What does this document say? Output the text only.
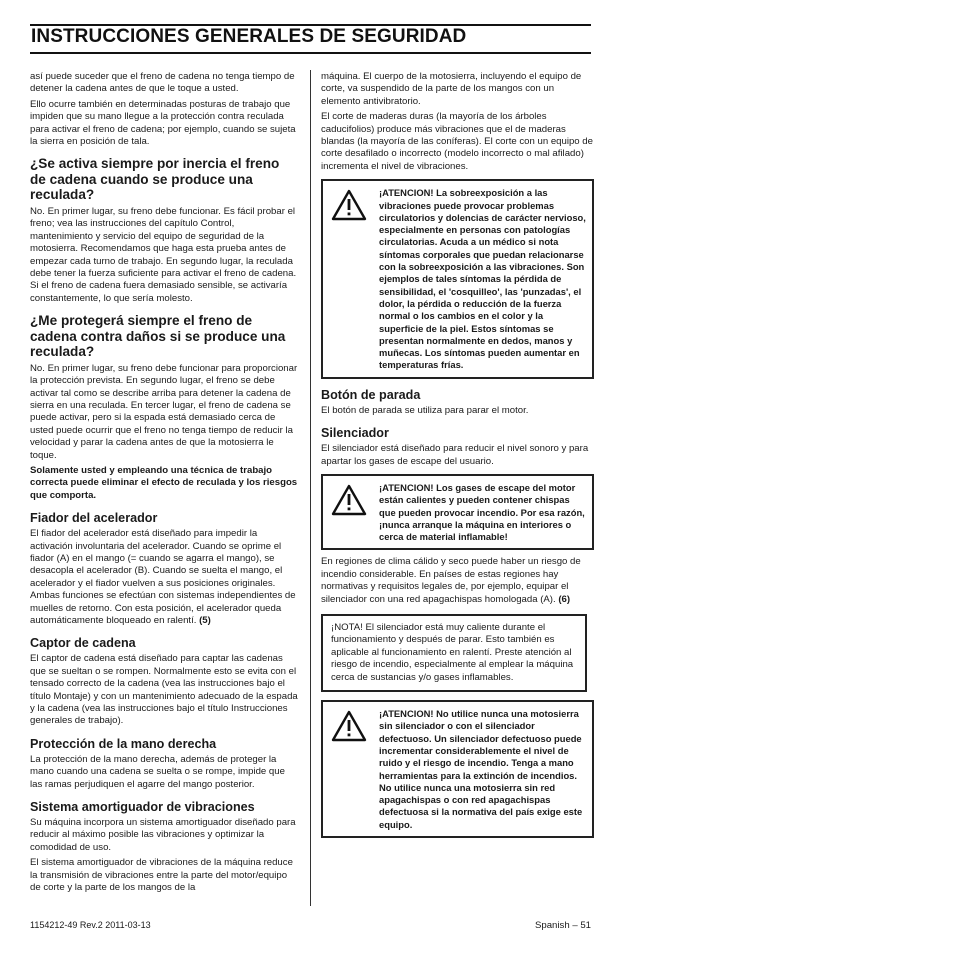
INSTRUCCIONES GENERALES DE SEGURIDAD

así puede suceder que el freno de cadena no tenga tiempo de detener la cadena antes de que le toque a usted.

Ello ocurre también en determinadas posturas de trabajo que impiden que su mano llegue a la protección contra reculada para activar el freno de cadena; por ejemplo, cuando se sujeta la sierra en posición de tala.

¿Se activa siempre por inercia el freno de cadena cuando se produce una reculada?

No. En primer lugar, su freno debe funcionar. Es fácil probar el freno; vea las instrucciones del capítulo Control, mantenimiento y servicio del equipo de seguridad de la motosierra. Recomendamos que haga esta prueba antes de empezar cada turno de trabajo. En segundo lugar, la reculada debe tener la fuerza suficiente para activar el freno de cadena. Si el freno de cadena fuera demasiado sensible, se activaría constantemente, lo que sería molesto.

¿Me protegerá siempre el freno de cadena contra daños si se produce una reculada?

No. En primer lugar, su freno debe funcionar para proporcionar la protección prevista. En segundo lugar, el freno se debe activar tal como se describe arriba para detener la cadena de sierra en una reculada. En tercer lugar, el freno de cadena se puede activar, pero si la espada está demasiado cerca de usted puede ocurrir que el freno no tenga tiempo de reducir la velocidad y parar la cadena antes de que la motosierra le toque.

Solamente usted y empleando una técnica de trabajo correcta puede eliminar el efecto de reculada y los riesgos que comporta.

Fiador del acelerador

El fiador del acelerador está diseñado para impedir la activación involuntaria del acelerador. Cuando se oprime el fiador (A) en el mango (= cuando se agarra el mango), se desacopla el acelerador (B). Cuando se suelta el mango, el acelerador y el fiador vuelven a sus posiciones originales. Ambas funciones se efectúan con sistemas independientes de muelles de retorno. Con esta posición, el acelerador queda automáticamente bloqueado en ralentí. (5)

Captor de cadena

El captor de cadena está diseñado para captar las cadenas que se sueltan o se rompen. Normalmente esto se evita con el tensado correcto de la cadena (vea las instrucciones bajo el título Montaje) y con un mantenimiento adecuado de la espada y la cadena (vea las instrucciones bajo el título Instrucciones generales de trabajo).

Protección de la mano derecha

La protección de la mano derecha, además de proteger la mano cuando una cadena se suelta o se rompe, impide que las ramas perjudiquen el agarre del mango posterior.

Sistema amortiguador de vibraciones

Su máquina incorpora un sistema amortiguador diseñado para reducir al máximo posible las vibraciones y optimizar la comodidad de uso.

El sistema amortiguador de vibraciones de la máquina reduce la transmisión de vibraciones entre la parte del motor/equipo de corte y la parte de los mangos de la

máquina. El cuerpo de la motosierra, incluyendo el equipo de corte, va suspendido de la parte de los mangos con un elemento antivibratorio.

El corte de maderas duras (la mayoría de los árboles caducifolios) produce más vibraciones que el de maderas blandas (la mayoría de las coníferas). El corte con un equipo de corte desafilado o incorrecto (modelo incorrecto o mal afilado) incrementa el nivel de vibraciones.

¡ATENCION! La sobreexposición a las vibraciones puede provocar problemas circulatorios y dolencias de carácter nervioso, especialmente en personas con patologías circulatorias. Acuda a un médico si nota síntomas corporales que puedan relacionarse con la sobreexposición a las vibraciones. Son ejemplos de tales síntomas la pérdida de sensibilidad, el 'cosquilleo', las 'punzadas', el dolor, la pérdida o reducción de la fuerza normal o los cambios en el color y la superficie de la piel. Estos síntomas se presentan normalmente en dedos, manos y muñecas. Los síntomas pueden aumentar en temperaturas frías.
Botón de parada

El botón de parada se utiliza para parar el motor.

Silenciador

El silenciador está diseñado para reducir el nivel sonoro y para apartar los gases de escape del usuario.

¡ATENCION! Los gases de escape del motor están calientes y pueden contener chispas que pueden provocar incendio. Por esa razón, ¡nunca arranque la máquina en interiores o cerca de material inflamable!

En regiones de clima cálido y seco puede haber un riesgo de incendio considerable. En países de estas regiones hay normativas y requisitos legales de, por ejemplo, equipar el silenciador con una red apagachispas homologada (A). (6)

¡NOTA! El silenciador está muy caliente durante el funcionamiento y después de parar. Esto también es aplicable al funcionamiento en ralentí. Preste atención al riesgo de incendio, especialmente al emplear la máquina cerca de sustancias y/o gases inflamables.

¡ATENCION! No utilice nunca una motosierra sin silenciador o con el silenciador defectuoso. Un silenciador defectuoso puede incrementar considerablemente el nivel de ruido y el riesgo de incendio. Tenga a mano herramientas para la extinción de incendios. No utilice nunca una motosierra sin red apagachispas o con red apagachispas defectuosa si la normativa del país exige este equipo.
1154212-49 Rev.2 2011-03-13	Spanish – 51
